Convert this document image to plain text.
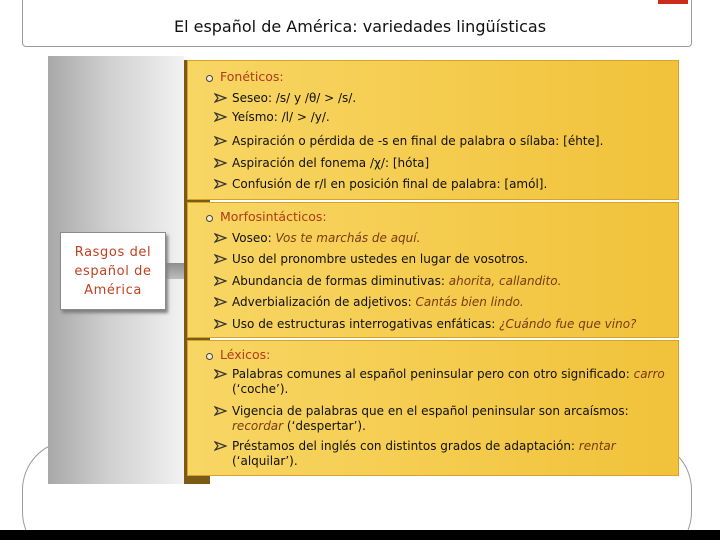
El español de América: variedades lingüísticas
Rasgos del español de América
Fonéticos:
Seseo: /s/ y /θ/ > /s/.
Yeísmo: /l/ > /y/.
Aspiración o pérdida de -s en final de palabra o sílaba: [éhte].
Aspiración del fonema /χ/: [hóta]
Confusión de r/l en posición final de palabra: [amól].
Morfosintácticos:
Voseo: Vos te marchás de aquí.
Uso del pronombre ustedes en lugar de vosotros.
Abundancia de formas diminutivas: ahorita, callandito.
Adverbialización de adjetivos: Cantás bien lindo.
Uso de estructuras interrogativas enfáticas: ¿Cuándo fue que vino?
Léxicos:
Palabras comunes al español peninsular pero con otro significado: carro (‘coche’).
Vigencia de palabras que en el español peninsular son arcaísmos: recordar (‘despertar’).
Préstamos del inglés con distintos grados de adaptación: rentar (‘alquilar’).
